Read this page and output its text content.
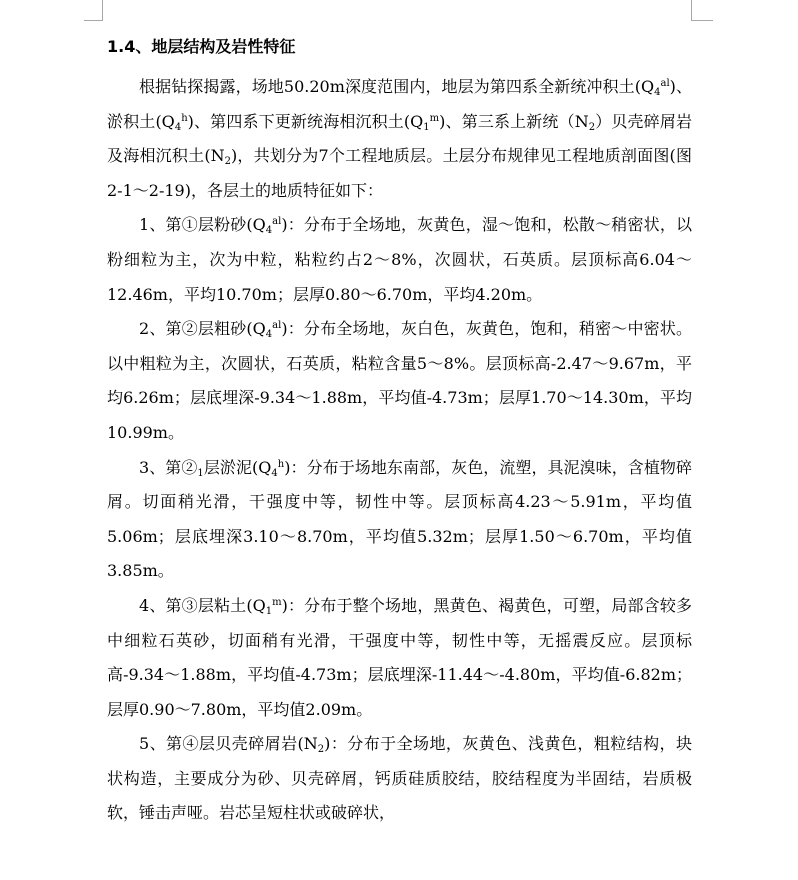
1.4、地层结构及岩性特征

根据钻探揭露，场地50.20m深度范围内，地层为第四系全新统冲积土$(Q_4^{al})$、淤积土$(Q_4^h)$、第四系下更新统海相沉积土$(Q_1^m)$、第三系上新统$(N_2)$贝壳碎屑岩及海相沉积土$(N_2)$，共划分为7个工程地质层。土层分布规律见工程地质剖面图(图2-1～2-19)，各层土的地质特征如下：

1、第①层粉砂$(Q_4^{al})$：分布于全场地，灰黄色，湿～饱和，松散～稍密状，以粉细粒为主，次为中粒，粘粒约占2～8%，次圆状，石英质。层顶标高6.04～12.46m，平均10.70m；层厚0.80～6.70m，平均4.20m。

2、第②层粗砂$(Q_4^{al})$：分布全场地，灰白色，灰黄色，饱和，稍密～中密状。以中粗粒为主，次圆状，石英质，粘粒含量5～8%。层顶标高-2.47～9.67m，平均6.26m；层底埋深-9.34～1.88m，平均值-4.73m；层厚1.70～14.30m，平均10.99m。

3、第$②_1$层淤泥$(Q_4^h)$：分布于场地东南部，灰色，流塑，具泥溴味，含植物碎屑。切面稍光滑，干强度中等，韧性中等。层顶标高4.23～5.91m，平均值5.06m；层底埋深3.10～8.70m，平均值5.32m；层厚1.50～6.70m，平均值3.85m。

4、第③层粘土$(Q_1^m)$：分布于整个场地，黑黄色、褐黄色，可塑，局部含较多中细粒石英砂，切面稍有光滑，干强度中等，韧性中等，无摇震反应。层顶标高-9.34～1.88m，平均值-4.73m；层底埋深-11.44～-4.80m，平均值-6.82m；层厚0.90～7.80m，平均值2.09m。

5、第④层贝壳碎屑岩$(N_2)$：分布于全场地，灰黄色、浅黄色，粗粒结构，块状构造，主要成分为砂、贝壳碎屑，钙质硅质胶结，胶结程度为半固结，岩质极软，锤击声哑。岩芯呈短柱状或破碎状，
